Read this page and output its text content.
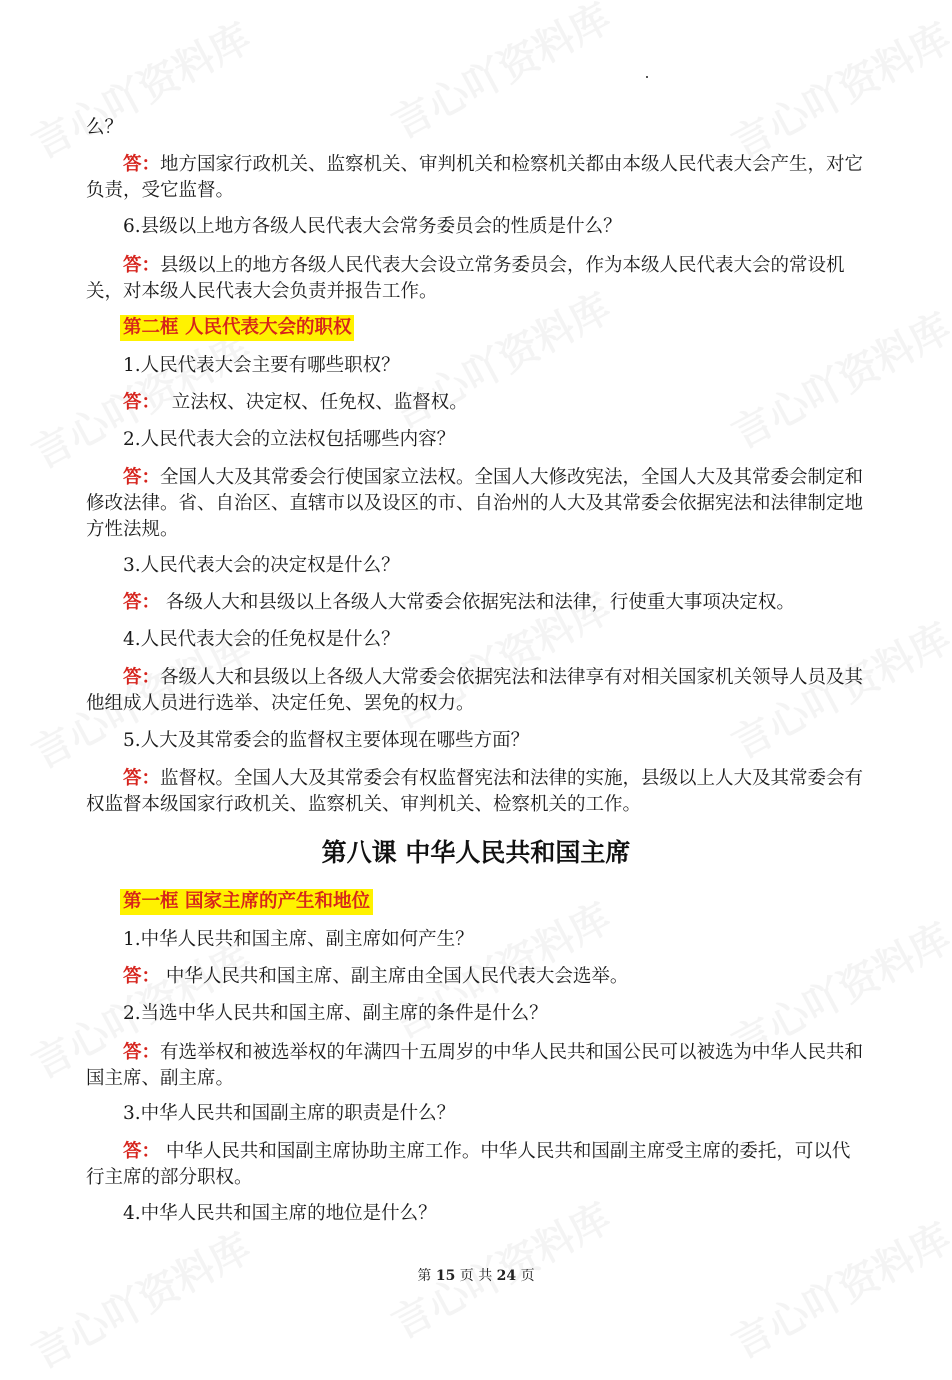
么？

答：地方国家行政机关、监察机关、审判机关和检察机关都由本级人民代表大会产生，对它负责，受它监督。

6.县级以上地方各级人民代表大会常务委员会的性质是什么？

答：县级以上的地方各级人民代表大会设立常务委员会，作为本级人民代表大会的常设机关，对本级人民代表大会负责并报告工作。

第二框 人民代表大会的职权

1.人民代表大会主要有哪些职权？

答：  立法权、决定权、任免权、监督权。

2.人民代表大会的立法权包括哪些内容？

答：全国人大及其常委会行使国家立法权。全国人大修改宪法，全国人大及其常委会制定和修改法律。省、自治区、直辖市以及设区的市、自治州的人大及其常委会依据宪法和法律制定地方性法规。

3.人民代表大会的决定权是什么？

答： 各级人大和县级以上各级人大常委会依据宪法和法律，行使重大事项决定权。

4.人民代表大会的任免权是什么？

答：各级人大和县级以上各级人大常委会依据宪法和法律享有对相关国家机关领导人员及其他组成人员进行选举、决定任免、罢免的权力。

5.人大及其常委会的监督权主要体现在哪些方面？

答：监督权。全国人大及其常委会有权监督宪法和法律的实施，县级以上人大及其常委会有权监督本级国家行政机关、监察机关、审判机关、检察机关的工作。

第八课 中华人民共和国主席
第一框 国家主席的产生和地位

1.中华人民共和国主席、副主席如何产生？

答： 中华人民共和国主席、副主席由全国人民代表大会选举。

2.当选中华人民共和国主席、副主席的条件是什么？

答：有选举权和被选举权的年满四十五周岁的中华人民共和国公民可以被选为中华人民共和国主席、副主席。

3.中华人民共和国副主席的职责是什么？

答： 中华人民共和国副主席协助主席工作。中华人民共和国副主席受主席的委托，可以代行主席的部分职权。

4.中华人民共和国主席的地位是什么？

第 15 页 共 24 页
